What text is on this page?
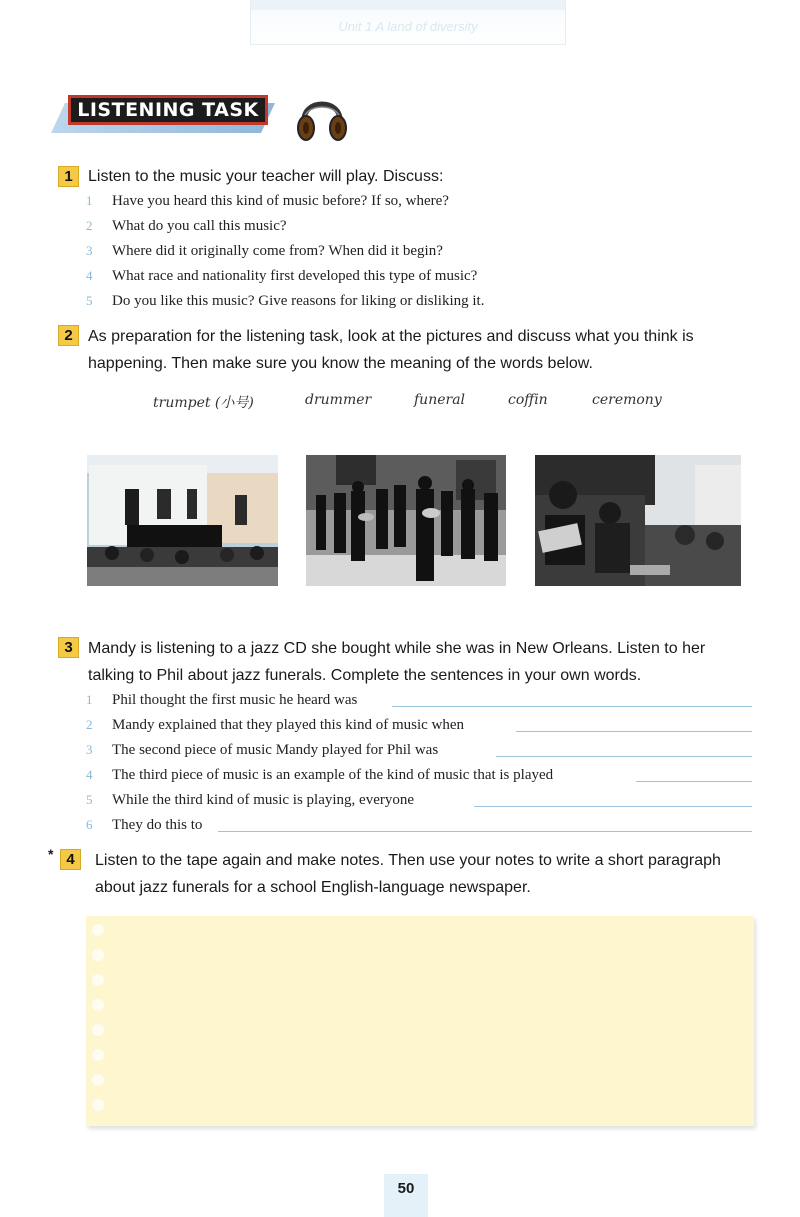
Unit 1 A land of diversity
LISTENING TASK
1 Listen to the music your teacher will play. Discuss:
1 Have you heard this kind of music before? If so, where?
2 What do you call this music?
3 Where did it originally come from? When did it begin?
4 What race and nationality first developed this type of music?
5 Do you like this music? Give reasons for liking or disliking it.
2 As preparation for the listening task, look at the pictures and discuss what you think is
happening. Then make sure you know the meaning of the words below.
trumpet (小号)	drummer	funeral	coffin	ceremony
3 Mandy is listening to a jazz CD she bought while she was in New Orleans. Listen to her
talking to Phil about jazz funerals. Complete the sentences in your own words.
1 Phil thought the first music he heard was
2 Mandy explained that they played this kind of music when
3 The second piece of music Mandy played for Phil was
4 The third piece of music is an example of the kind of music that is played
5 While the third kind of music is playing, everyone
6 They do this to
* 4	Listen to the tape again and make notes. Then use your notes to write a short paragraph
about jazz funerals for a school English-language newspaper.
50
